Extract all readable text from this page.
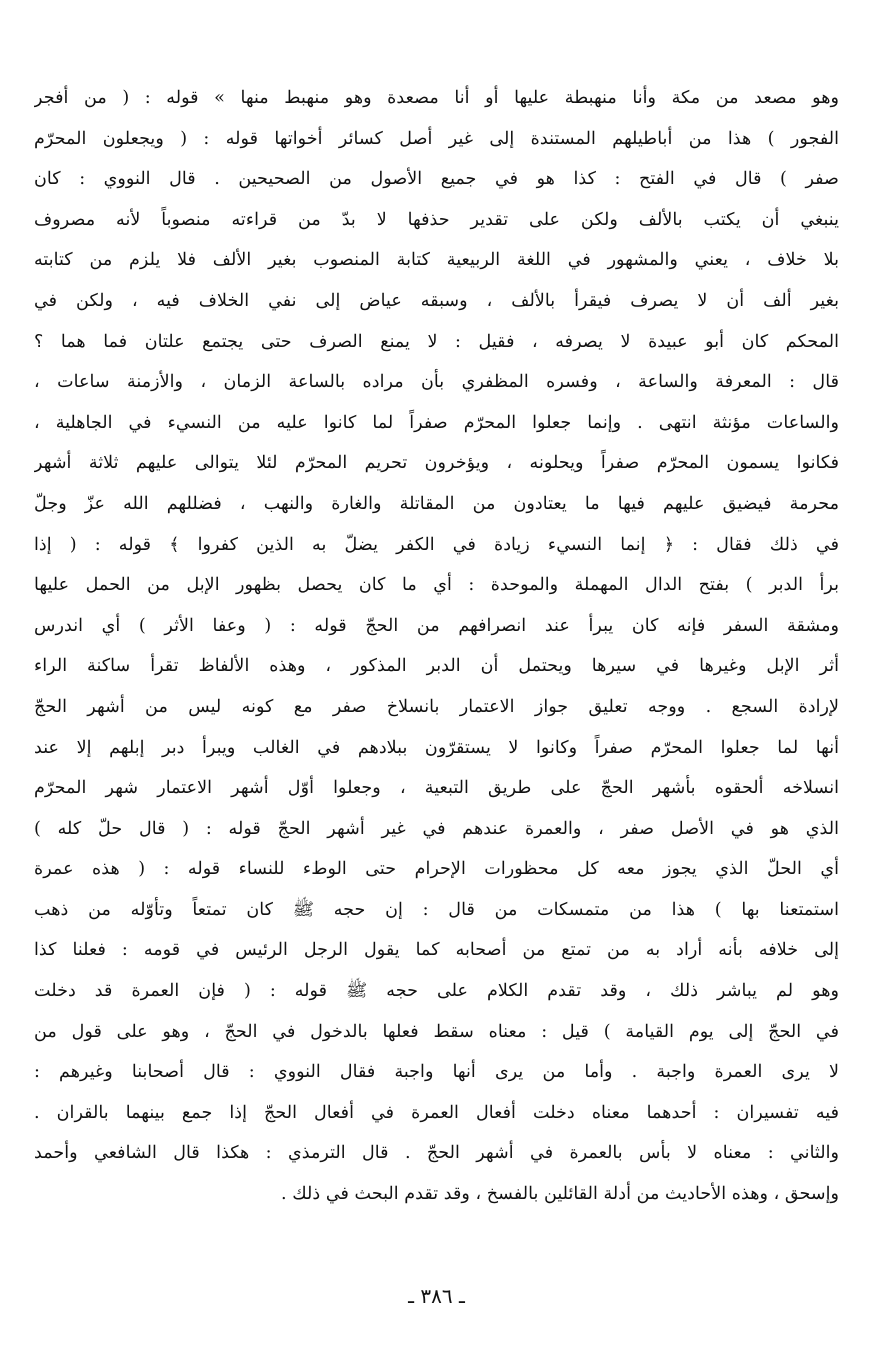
وهو مصعد من مكة وأنا منهبطة عليها أو أنا مصعدة وهو منهبط منها » قوله : ( من أفجر
الفجور ) هذا من أباطيلهم المستندة إلى غير أصل كسائر أخواتها قوله : ( ويجعلون المحرّم
صفر ) قال في الفتح : كذا هو في جميع الأصول من الصحيحين . قال النووي : كان
ينبغي أن يكتب بالألف ولكن على تقدير حذفها لا بدّ من قراءته منصوباً لأنه مصروف
بلا خلاف ، يعني والمشهور في اللغة الربيعية كتابة المنصوب بغير الألف فلا يلزم من كتابته
بغير ألف أن لا يصرف فيقرأ بالألف ، وسبقه عياض إلى نفي الخلاف فيه ، ولكن في
المحكم كان أبو عبيدة لا يصرفه ، فقيل : لا يمنع الصرف حتى يجتمع علتان فما هما ؟
قال : المعرفة والساعة ، وفسره المظفري بأن مراده بالساعة الزمان ، والأزمنة ساعات ،
والساعات مؤنثة انتهى . وإنما جعلوا المحرّم صفراً لما كانوا عليه من النسيء في الجاهلية ،
فكانوا يسمون المحرّم صفراً ويحلونه ، ويؤخرون تحريم المحرّم لئلا يتوالى عليهم ثلاثة أشهر
محرمة فيضيق عليهم فيها ما يعتادون من المقاتلة والغارة والنهب ، فضللهم الله عزّ وجلّ
في ذلك فقال : ﴿ إنما النسيء زيادة في الكفر يضلّ به الذين كفروا ﴾ قوله : ( إذا
برأ الدبر ) بفتح الدال المهملة والموحدة : أي ما كان يحصل بظهور الإبل من الحمل عليها
ومشقة السفر فإنه كان يبرأ عند انصرافهم من الحجّ قوله : ( وعفا الأثر ) أي اندرس
أثر الإبل وغيرها في سيرها ويحتمل أن الدبر المذكور ، وهذه الألفاظ تقرأ ساكنة الراء
لإرادة السجع . ووجه تعليق جواز الاعتمار بانسلاخ صفر مع كونه ليس من أشهر الحجّ
أنها لما جعلوا المحرّم صفراً وكانوا لا يستقرّون ببلادهم في الغالب ويبرأ دبر إبلهم إلا عند
انسلاخه ألحقوه بأشهر الحجّ على طريق التبعية ، وجعلوا أوّل أشهر الاعتمار شهر المحرّم
الذي هو في الأصل صفر ، والعمرة عندهم في غير أشهر الحجّ قوله : ( قال حلّ كله )
أي الحلّ الذي يجوز معه كل محظورات الإحرام حتى الوطء للنساء قوله : ( هذه عمرة
استمتعنا بها ) هذا من متمسكات من قال : إن حجه ﷺ كان تمتعاً وتأوّله من ذهب
إلى خلافه بأنه أراد به من تمتع من أصحابه كما يقول الرجل الرئيس في قومه : فعلنا كذا
وهو لم يباشر ذلك ، وقد تقدم الكلام على حجه ﷺ قوله : ( فإن العمرة قد دخلت
في الحجّ إلى يوم القيامة ) قيل : معناه سقط فعلها بالدخول في الحجّ ، وهو على قول من
لا يرى العمرة واجبة . وأما من يرى أنها واجبة فقال النووي : قال أصحابنا وغيرهم :
فيه تفسيران : أحدهما معناه دخلت أفعال العمرة في أفعال الحجّ إذا جمع بينهما بالقران .
والثاني : معناه لا بأس بالعمرة في أشهر الحجّ . قال الترمذي : هكذا قال الشافعي وأحمد
وإسحق ، وهذه الأحاديث من أدلة القائلين بالفسخ ، وقد تقدم البحث في ذلك .
ـ ٣٨٦ ـ
